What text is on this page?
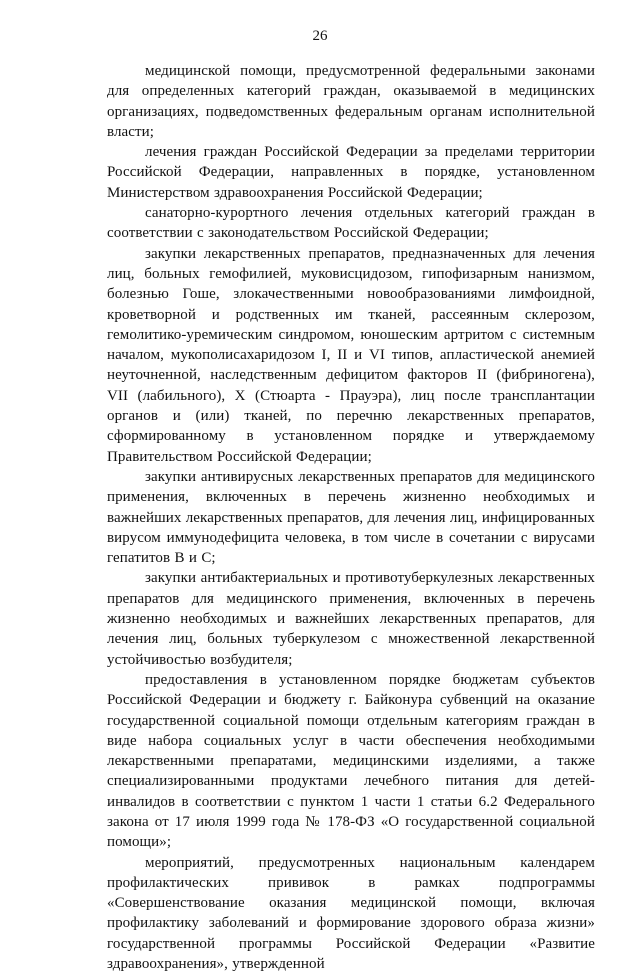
26

медицинской помощи, предусмотренной федеральными законами для определенных категорий граждан, оказываемой в медицинских организациях, подведомственных федеральным органам исполнительной власти;

лечения граждан Российской Федерации за пределами территории Российской Федерации, направленных в порядке, установленном Министерством здравоохранения Российской Федерации;

санаторно-курортного лечения отдельных категорий граждан в соответствии с законодательством Российской Федерации;

закупки лекарственных препаратов, предназначенных для лечения лиц, больных гемофилией, муковисцидозом, гипофизарным нанизмом, болезнью Гоше, злокачественными новообразованиями лимфоидной, кроветворной и родственных им тканей, рассеянным склерозом, гемолитико-уремическим синдромом, юношеским артритом с системным началом, мукополисахаридозом I, II и VI типов, апластической анемией неуточненной, наследственным дефицитом факторов II (фибриногена), VII (лабильного), X (Стюарта - Прауэра), лиц после трансплантации органов и (или) тканей, по перечню лекарственных препаратов, сформированному в установленном порядке и утверждаемому Правительством Российской Федерации;

закупки антивирусных лекарственных препаратов для медицинского применения, включенных в перечень жизненно необходимых и важнейших лекарственных препаратов, для лечения лиц, инфицированных вирусом иммунодефицита человека, в том числе в сочетании с вирусами гепатитов B и C;

закупки антибактериальных и противотуберкулезных лекарственных препаратов для медицинского применения, включенных в перечень жизненно необходимых и важнейших лекарственных препаратов, для лечения лиц, больных туберкулезом с множественной лекарственной устойчивостью возбудителя;

предоставления в установленном порядке бюджетам субъектов Российской Федерации и бюджету г. Байконура субвенций на оказание государственной социальной помощи отдельным категориям граждан в виде набора социальных услуг в части обеспечения необходимыми лекарственными препаратами, медицинскими изделиями, а также специализированными продуктами лечебного питания для детей-инвалидов в соответствии с пунктом 1 части 1 статьи 6.2 Федерального закона от 17 июля 1999 года № 178-ФЗ «О государственной социальной помощи»;

мероприятий, предусмотренных национальным календарем профилактических прививок в рамках подпрограммы «Совершенствование оказания медицинской помощи, включая профилактику заболеваний и формирование здорового образа жизни» государственной программы Российской Федерации «Развитие здравоохранения», утвержденной
